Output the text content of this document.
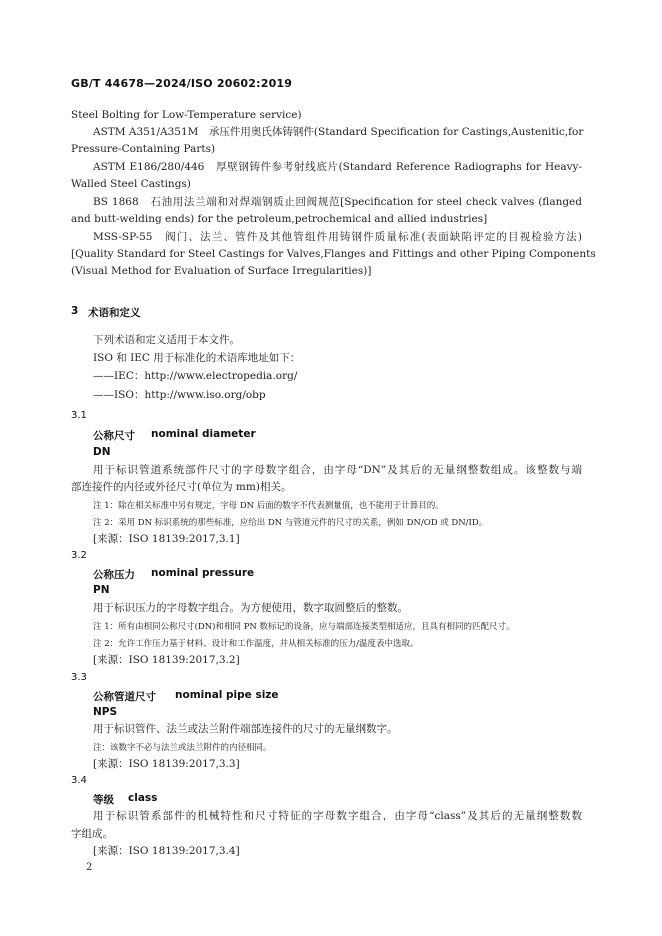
GB/T 44678—2024/ISO 20602:2019
Steel Bolting for Low-Temperature service)
ASTM A351/A351M　承压件用奥氏体铸钢件(Standard Specification for Castings,Austenitic,for
Pressure-Containing Parts)
ASTM E186/280/446　厚壁钢铸件参考射线底片(Standard Reference Radiographs for Heavy-
Walled Steel Castings)
BS 1868　石油用法兰端和对焊端钢质止回阀规范[Specification for steel check valves (flanged
and butt-welding ends) for the petroleum,petrochemical and allied industries]
MSS-SP-55　阀门、法兰、管件及其他管组件用铸钢件质量标准(表面缺陷评定的目视检验方法)
[Quality Standard for Steel Castings for Valves,Flanges and Fittings and other Piping Components
(Visual Method for Evaluation of Surface Irregularities)]
3 术语和定义
下列术语和定义适用于本文件。
ISO 和 IEC 用于标准化的术语库地址如下：
——IEC：http://www.electropedia.org/
——ISO：http://www.iso.org/obp
3.1
公称尺寸 nominal diameter
DN
用于标识管道系统部件尺寸的字母数字组合，由字母“DN”及其后的无量纲整数组成。该整数与端
部连接件的内径或外径尺寸(单位为 mm)相关。
注 1：除在相关标准中另有规定，字母 DN 后面的数字不代表测量值，也不能用于计算目的。
注 2：采用 DN 标识系统的那些标准，应给出 DN 与管道元件的尺寸的关系，例如 DN/OD 或 DN/ID。
[来源：ISO 18139:2017,3.1]
3.2
公称压力 nominal pressure
PN
用于标识压力的字母数字组合。为方便使用，数字取圆整后的整数。
注 1：所有由相同公称尺寸(DN)和相同 PN 数标记的设备，应与端部连接类型相适应，且具有相同的匹配尺寸。
注 2：允许工作压力基于材料、设计和工作温度，并从相关标准的压力/温度表中选取。
[来源：ISO 18139:2017,3.2]
3.3
公称管道尺寸 nominal pipe size
NPS
用于标识管件、法兰或法兰附件端部连接件的尺寸的无量纲数字。
注：该数字不必与法兰或法兰附件的内径相同。
[来源：ISO 18139:2017,3.3]
3.4
等级 class
用于标识管系部件的机械特性和尺寸特征的字母数字组合，由字母“class”及其后的无量纲整数数
字组成。
[来源：ISO 18139:2017,3.4]
2
